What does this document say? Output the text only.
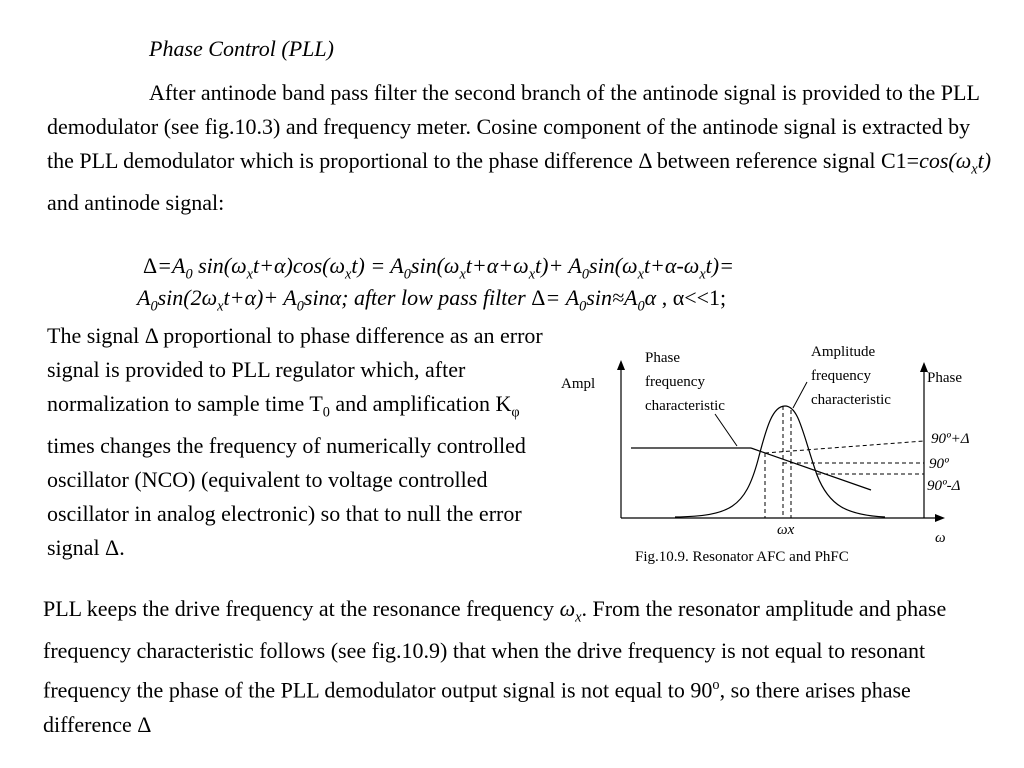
Phase Control (PLL)
After antinode band pass filter the second branch of the antinode signal is provided to the PLL demodulator (see fig.10.3) and frequency meter. Cosine component of the antinode signal is extracted by the PLL demodulator which is proportional to the phase difference Δ between reference signal $C1=\cos(\omega_xt)$ and antinode signal:
$\Delta=A_0$ $\sin(\omega_xt+\alpha)\cos(\omega_xt) = A_0\sin(\omega_xt+\alpha+\omega_xt)+ A_0\sin(\omega_xt+\alpha-\omega_xt)=$
$A_0\sin(2\omega_xt+\alpha)+ A_0\sin\alpha$; after low pass filter $\Delta= A_0\sin\approx A_0\alpha$ , α<<1;
The signal Δ proportional to phase difference as an error signal is provided to PLL regulator which, after normalization to sample time $T_0$ and amplification $K_\varphi$ times changes the frequency of numerically controlled oscillator (NCO) (equivalent to voltage controlled oscillator in analog electronic) so that to null the error signal Δ.

PLL keeps the drive frequency at the resonance frequency $\omega_x$. From the resonator amplitude and phase frequency characteristic follows (see fig.10.9) that when the drive frequency is not equal to resonant frequency the phase of the PLL demodulator output signal is not equal to 90$^o$, so there arises phase difference Δ

Ampl	Phase
Phase
frequency
characteristic
Amplitude
frequency
characteristic
90º+Δ
90º
90º-Δ
ωx	ω
Fig.10.9. Resonator AFC and PhFC
